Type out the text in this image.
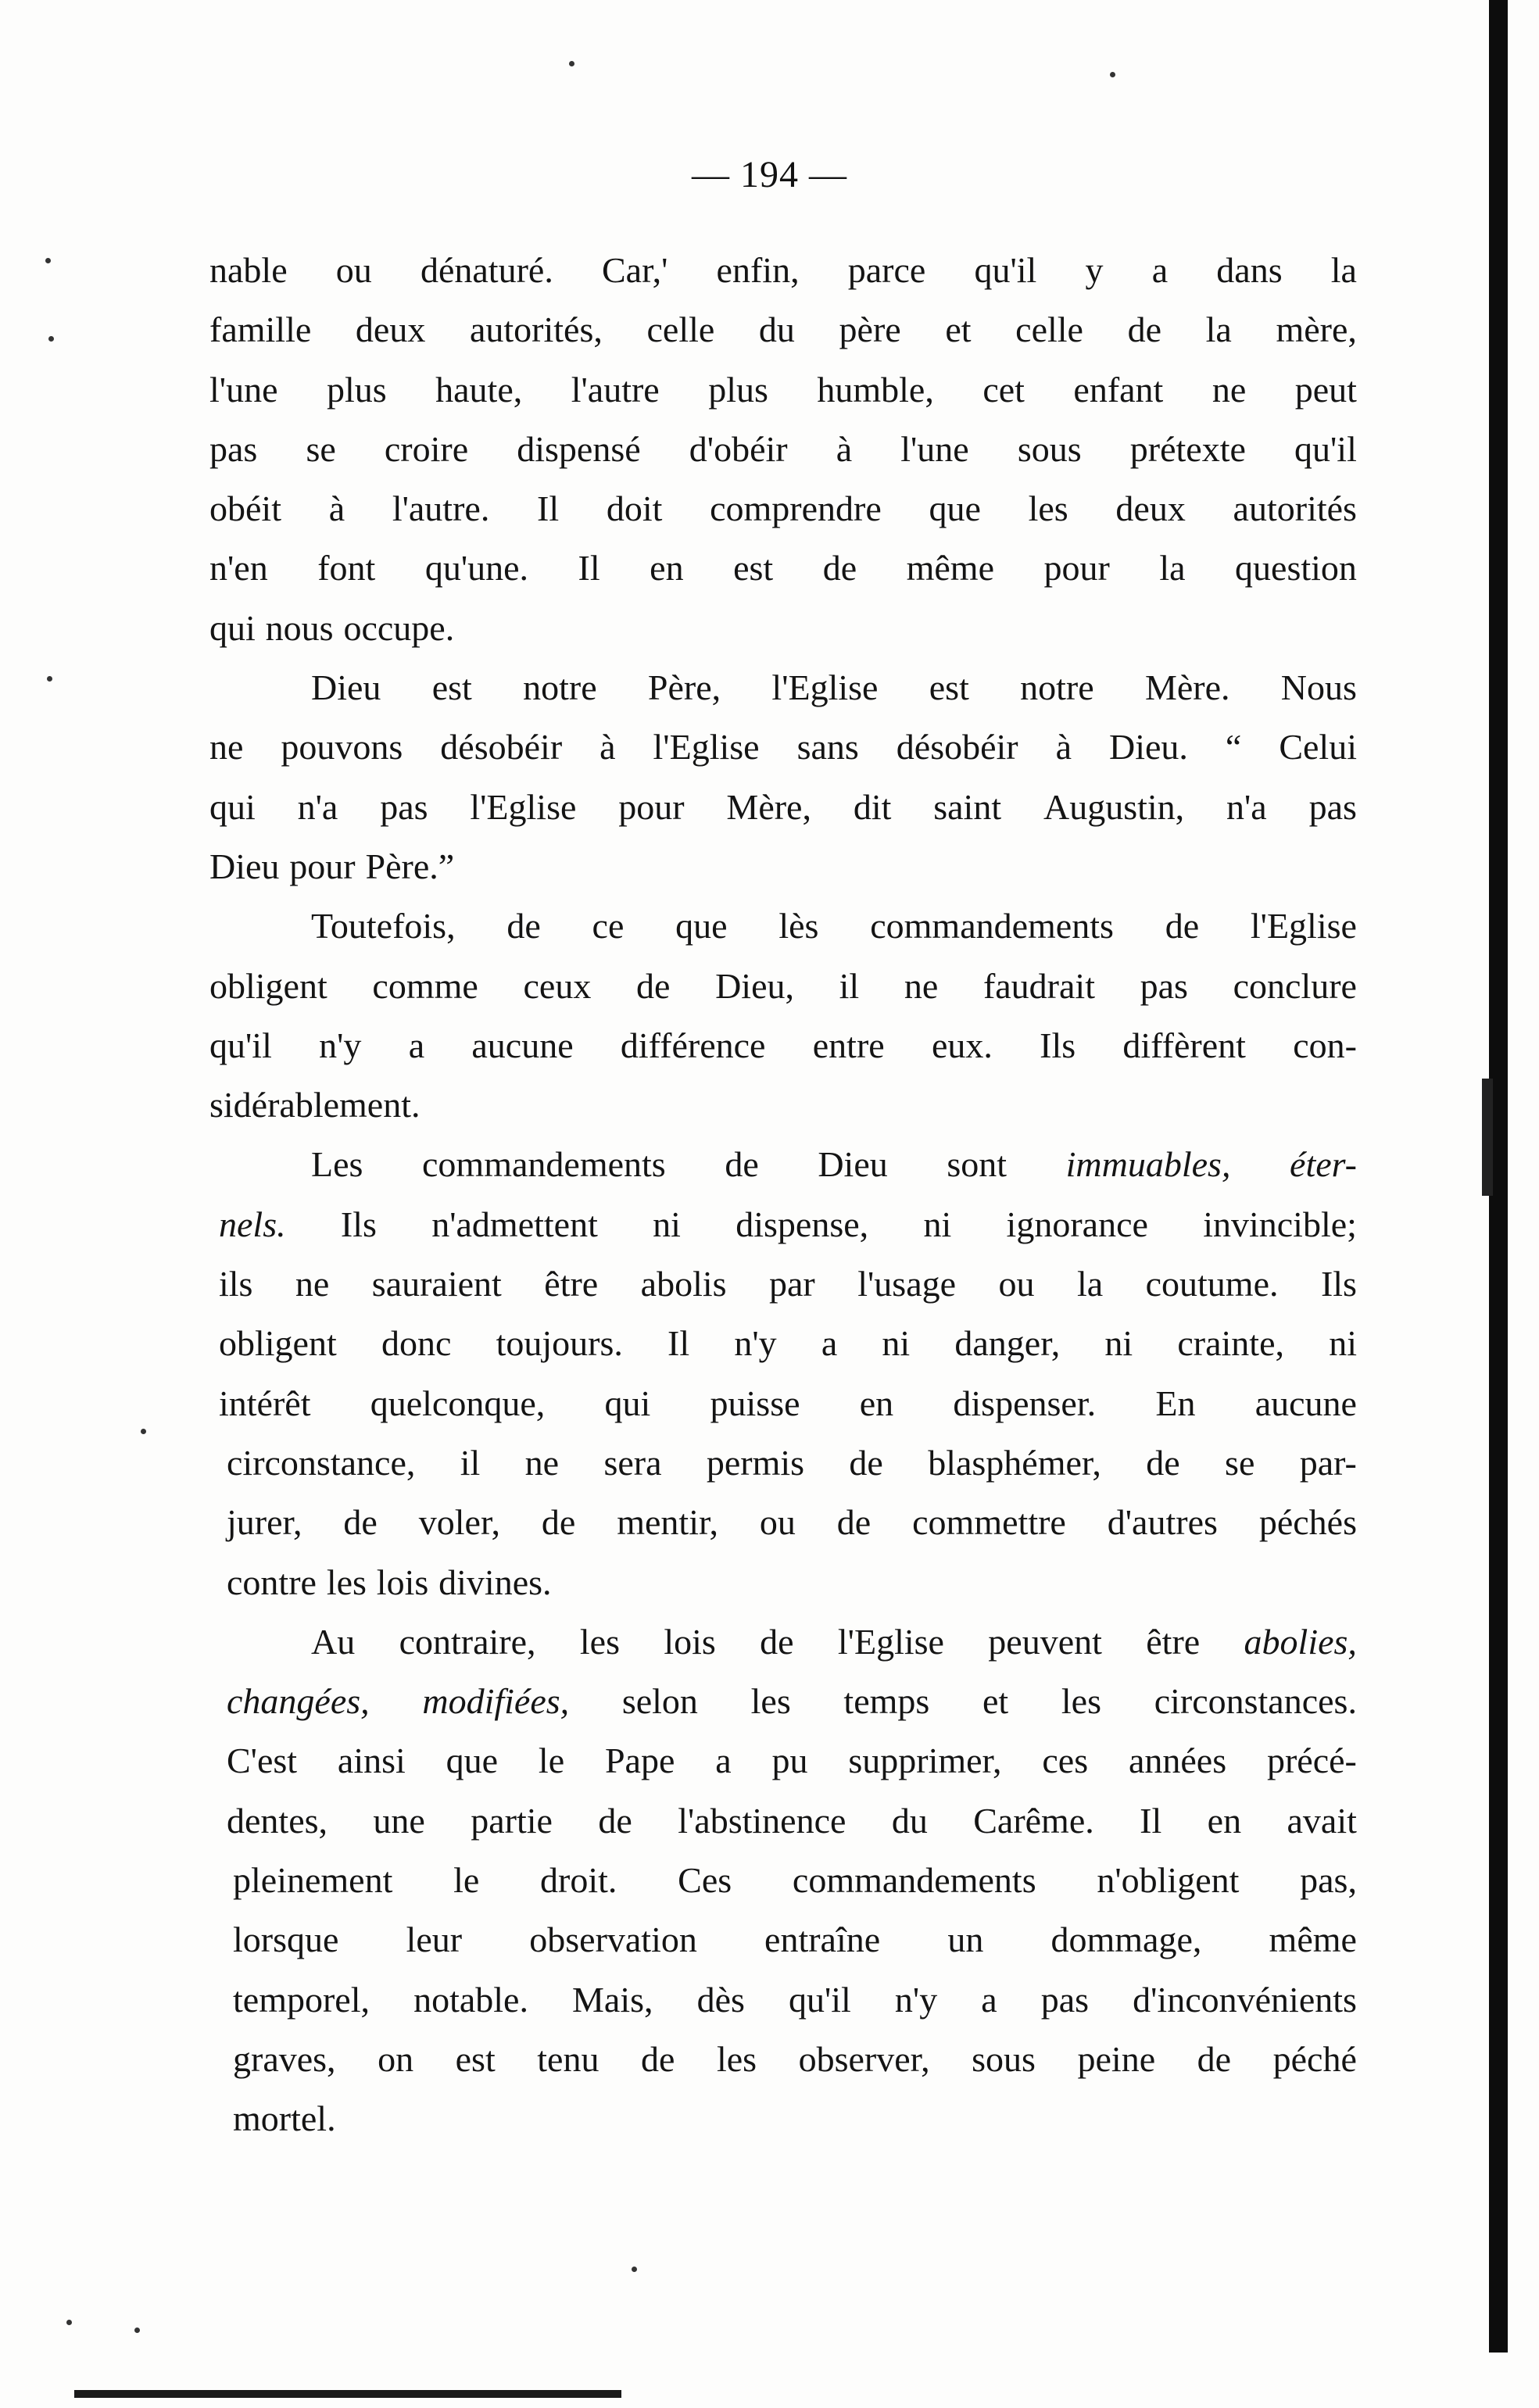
— 194 —
nable ou dénaturé. Car,' enfin, parce qu'il y a dans la
famille deux autorités, celle du père et celle de la mère,
l'une plus haute, l'autre plus humble, cet enfant ne peut
pas se croire dispensé d'obéir à l'une sous prétexte qu'il
obéit à l'autre. Il doit comprendre que les deux autorités
n'en font qu'une. Il en est de même pour la question
qui nous occupe.
Dieu est notre Père, l'Eglise est notre Mère. Nous
ne pouvons désobéir à l'Eglise sans désobéir à Dieu. “ Celui
qui n'a pas l'Eglise pour Mère, dit saint Augustin, n'a pas
Dieu pour Père.”
Toutefois, de ce que lès commandements de l'Eglise
obligent comme ceux de Dieu, il ne faudrait pas conclure
qu'il n'y a aucune différence entre eux. Ils diffèrent con-
sidérablement.
Les commandements de Dieu sont immuables, éter-
nels. Ils n'admettent ni dispense, ni ignorance invincible;
ils ne sauraient être abolis par l'usage ou la coutume. Ils
obligent donc toujours. Il n'y a ni danger, ni crainte, ni
intérêt quelconque, qui puisse en dispenser. En aucune
circonstance, il ne sera permis de blasphémer, de se par-
jurer, de voler, de mentir, ou de commettre d'autres péchés
contre les lois divines.
Au contraire, les lois de l'Eglise peuvent être abolies,
changées, modifiées, selon les temps et les circonstances.
C'est ainsi que le Pape a pu supprimer, ces années précé-
dentes, une partie de l'abstinence du Carême. Il en avait
pleinement le droit. Ces commandements n'obligent pas,
lorsque leur observation entraîne un dommage, même
temporel, notable. Mais, dès qu'il n'y a pas d'inconvénients
graves, on est tenu de les observer, sous peine de péché
mortel.
